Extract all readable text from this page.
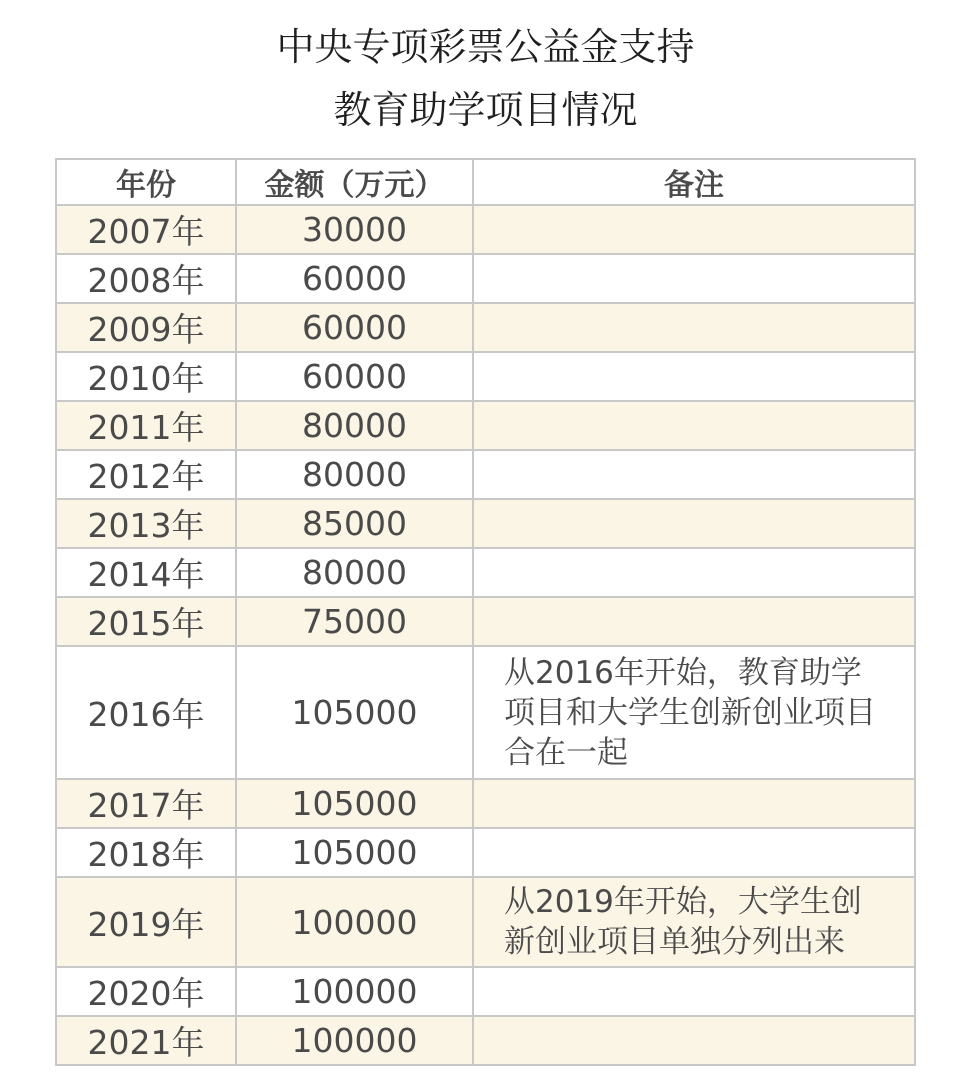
中央专项彩票公益金支持
教育助学项目情况
年份	金额（万元）	备注
2007年	30000	
2008年	60000	
2009年	60000	
2010年	60000	
2011年	80000	
2012年	80000	
2013年	85000	
2014年	80000	
2015年	75000	
2016年	105000	从2016年开始，教育助学项目和大学生创新创业项目合在一起
2017年	105000	
2018年	105000	
2019年	100000	从2019年开始，大学生创新创业项目单独分列出来
2020年	100000	
2021年	100000	
